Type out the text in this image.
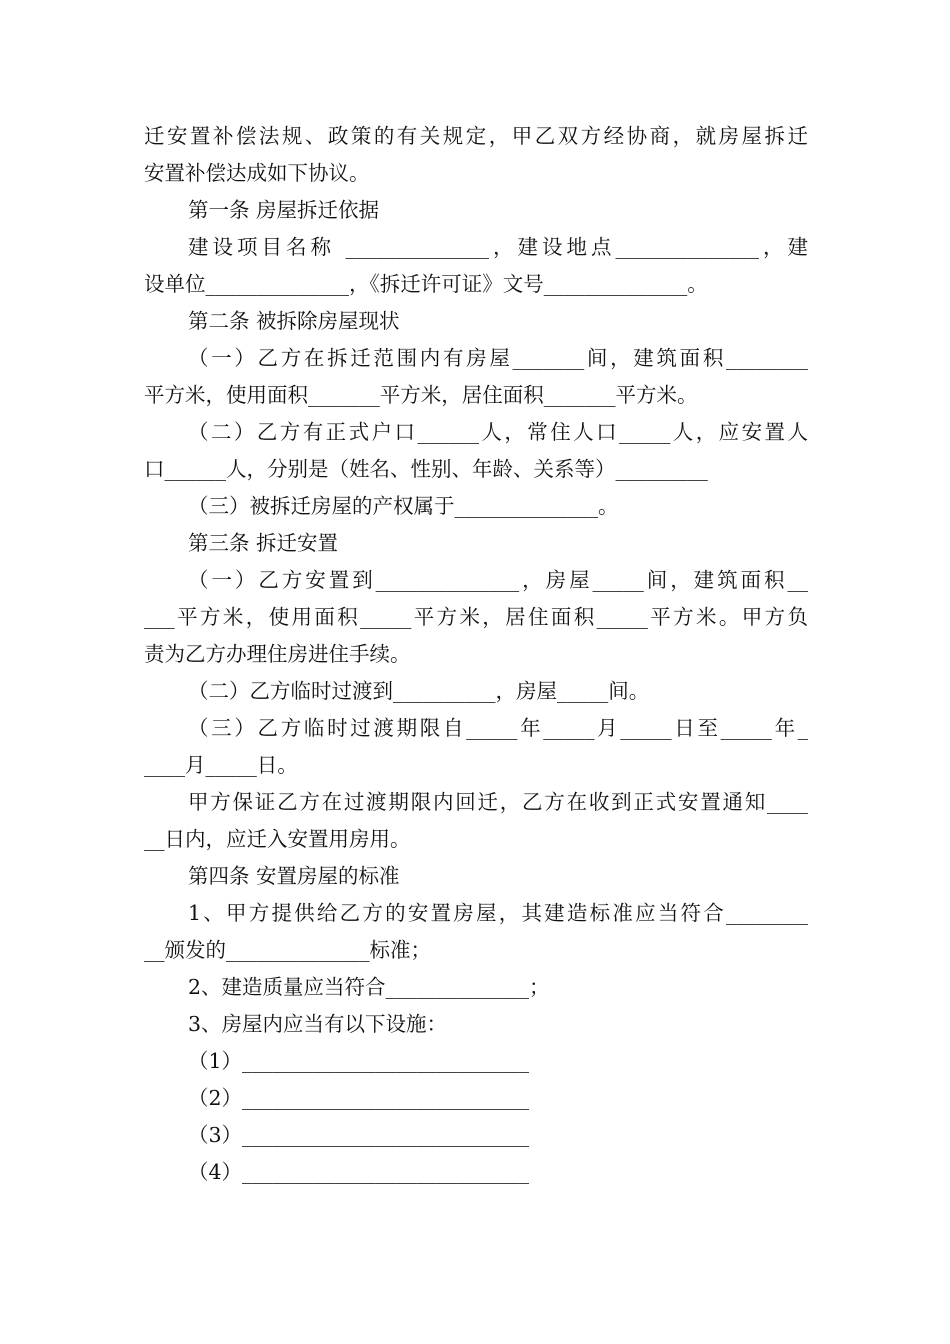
迁安置补偿法规、政策的有关规定，甲乙双方经协商，就房屋拆迁
安置补偿达成如下协议。
第一条 房屋拆迁依据
建设项目名称 ______________，建设地点______________，建
设单位______________，《拆迁许可证》文号______________。
第二条 被拆除房屋现状
（一）乙方在拆迁范围内有房屋_______间，建筑面积________
平方米，使用面积_______平方米，居住面积_______平方米。
（二）乙方有正式户口______人，常住人口_____人，应安置人
口______人，分别是（姓名、性别、年龄、关系等）_________
（三）被拆迁房屋的产权属于______________。
第三条 拆迁安置
（一）乙方安置到______________，房屋_____间，建筑面积__
___平方米，使用面积_____平方米，居住面积_____平方米。甲方负
责为乙方办理住房进住手续。
（二）乙方临时过渡到__________，房屋_____间。
（三）乙方临时过渡期限自_____年_____月_____日至_____年_
____月_____日。
甲方保证乙方在过渡期限内回迁，乙方在收到正式安置通知____
__日内，应迁入安置用房用。
第四条 安置房屋的标准
1、甲方提供给乙方的安置房屋，其建造标准应当符合________
__颁发的______________标准；
2、建造质量应当符合______________；
3、房屋内应当有以下设施：
（1）____________________________
（2）____________________________
（3）____________________________
（4）____________________________
